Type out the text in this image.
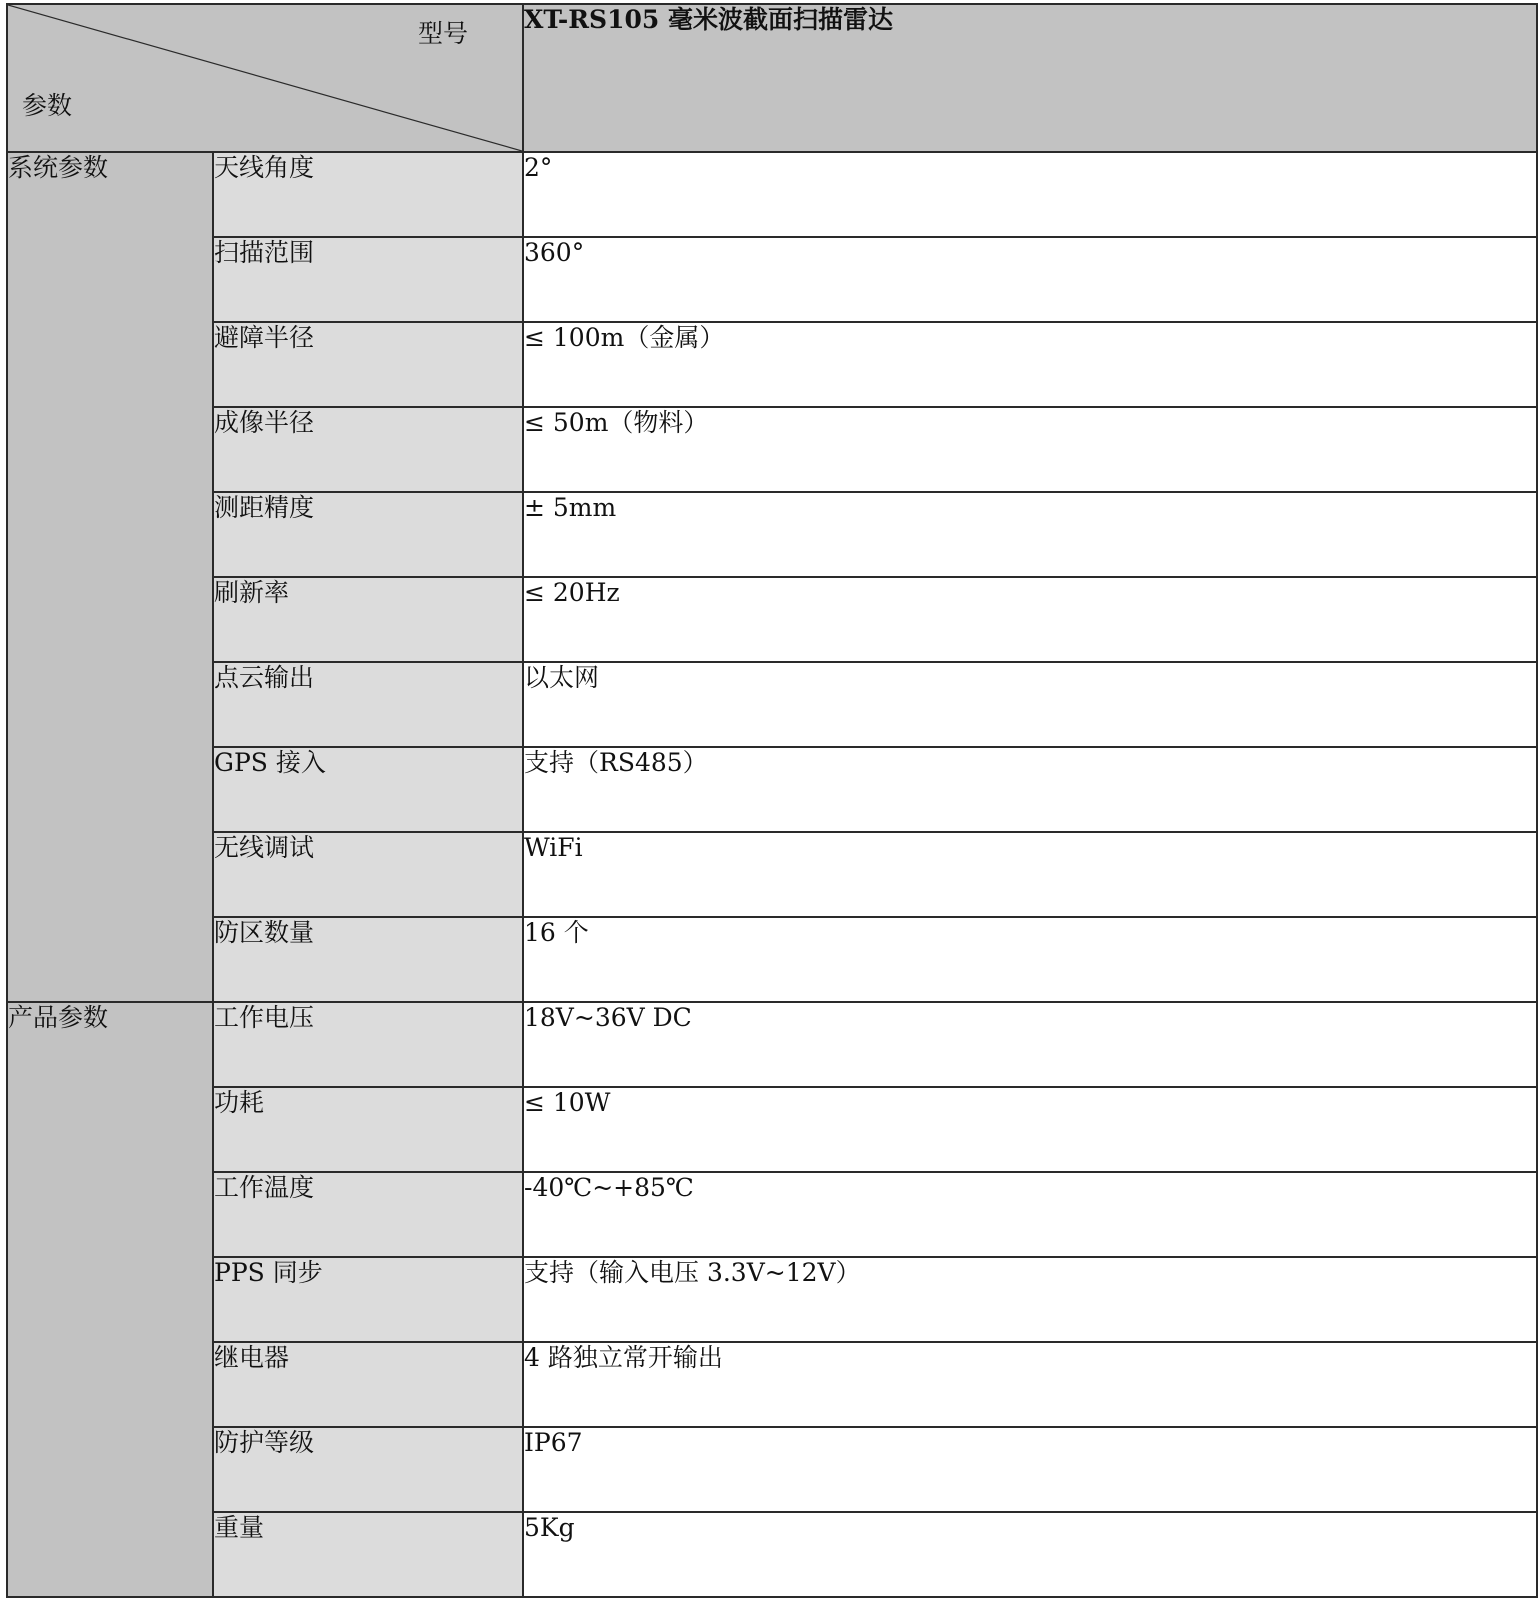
型号
参数		XT-RS105 毫米波截面扫描雷达
系统参数	天线角度	2°
	扫描范围	360°
	避障半径	≤ 100m（金属）
	成像半径	≤ 50m（物料）
	测距精度	± 5mm
	刷新率	≤ 20Hz
	点云输出	以太网
	GPS 接入	支持（RS485）
	无线调试	WiFi
	防区数量	16 个
产品参数	工作电压	18V~36V DC
	功耗	≤ 10W
	工作温度	-40℃~+85℃
	PPS 同步	支持（输入电压 3.3V~12V）
	继电器	4 路独立常开输出
	防护等级	IP67
	重量	5Kg
